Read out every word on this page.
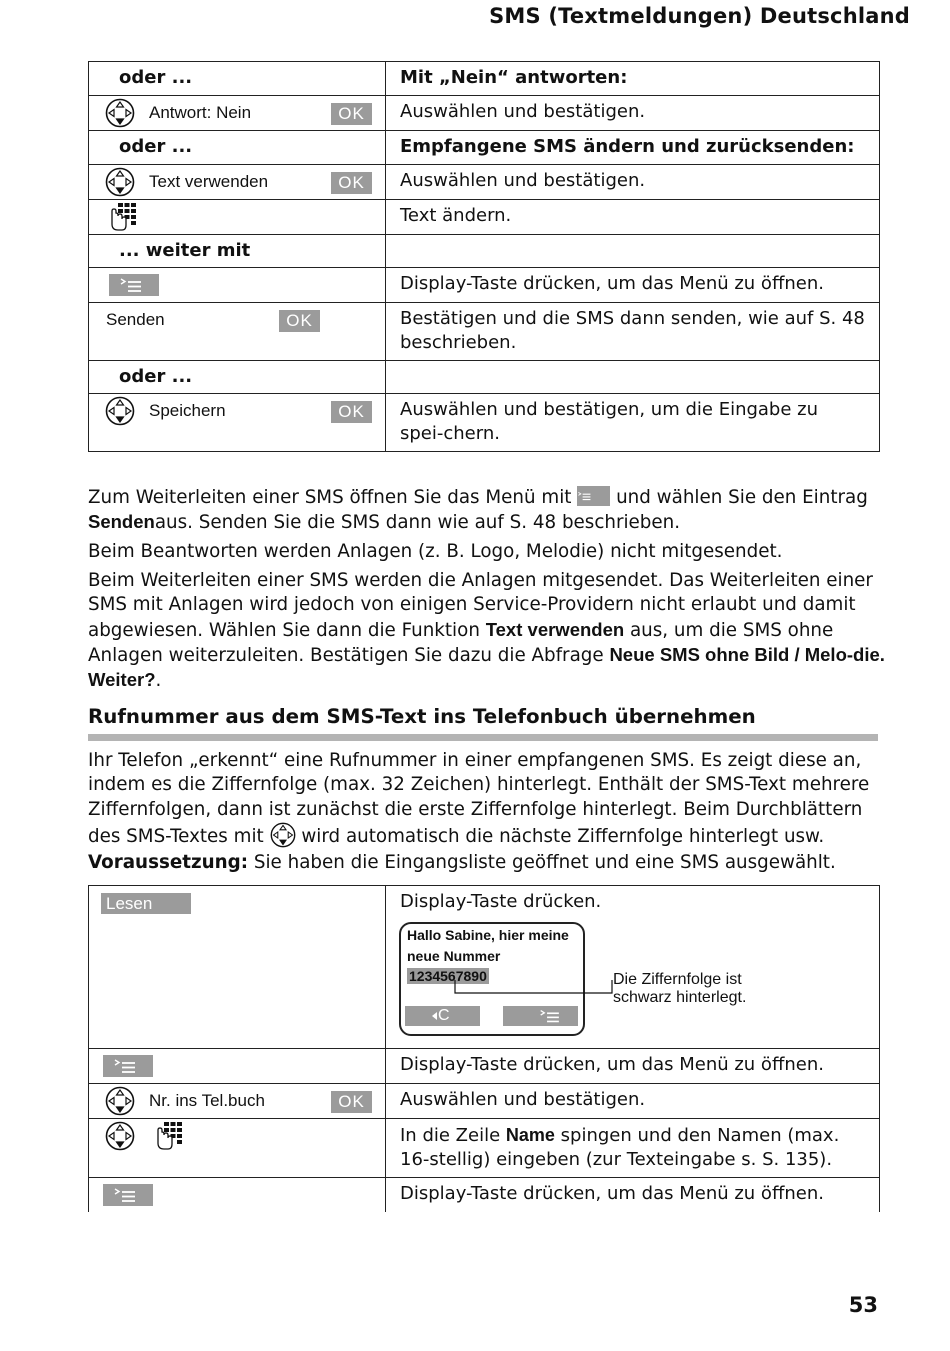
SMS (Textmeldungen) Deutschland
oder ...	Mit „Nein“ antworten:

Antwort: Nein OK	Auswählen und bestätigen.
oder ...	Empfangene SMS ändern und zurücksenden:

Text verwenden OK	Auswählen und bestätigen.

	Text ändern.
... weiter mit	

	Display-Taste drücken, um das Menü zu öffnen.

Senden OK	Bestätigen und die SMS dann senden, wie auf S. 48 beschrieben.
oder ...	

Speichern OK	Auswählen und bestätigen, um die Eingabe zu spei-chern.
Zum Weiterleiten einer SMS öffnen Sie das Menü mit und wählen Sie den Eintrag Sendenaus. Senden Sie die SMS dann wie auf S. 48 beschrieben.
Beim Beantworten werden Anlagen (z. B. Logo, Melodie) nicht mitgesendet.
Beim Weiterleiten einer SMS werden die Anlagen mitgesendet. Das Weiterleiten einer SMS mit Anlagen wird jedoch von einigen Service-Providern nicht erlaubt und damit abgewiesen. Wählen Sie dann die Funktion Text verwenden aus, um die SMS ohne Anlagen weiterzuleiten. Bestätigen Sie dazu die Abfrage Neue SMS ohne Bild / Melo-die. Weiter?.
Rufnummer aus dem SMS-Text ins Telefonbuch übernehmen
Ihr Telefon „erkennt“ eine Rufnummer in einer empfangenen SMS. Es zeigt diese an, indem es die Ziffernfolge (max. 32 Zeichen) hinterlegt. Enthält der SMS-Text mehrere Ziffernfolgen, dann ist zunächst die erste Ziffernfolge hinterlegt. Beim Durchblättern des SMS-Textes mit wird automatisch die nächste Ziffernfolge hinterlegt usw.
Voraussetzung: Sie haben die Eingangsliste geöffnet und eine SMS ausgewählt.
Lesen	Display-Taste drücken.
Hallo Sabine, hier meine
neue Nummer
1234567890
C

	Display-Taste drücken, um das Menü zu öffnen.

Nr. ins Tel.buch OK	Auswählen und bestätigen.

	In die Zeile Name spingen und den Namen (max. 16-stellig) eingeben (zur Texteingabe s. S. 135).

	Display-Taste drücken, um das Menü zu öffnen.
Die Ziffernfolge ist schwarz hinterlegt.
53
